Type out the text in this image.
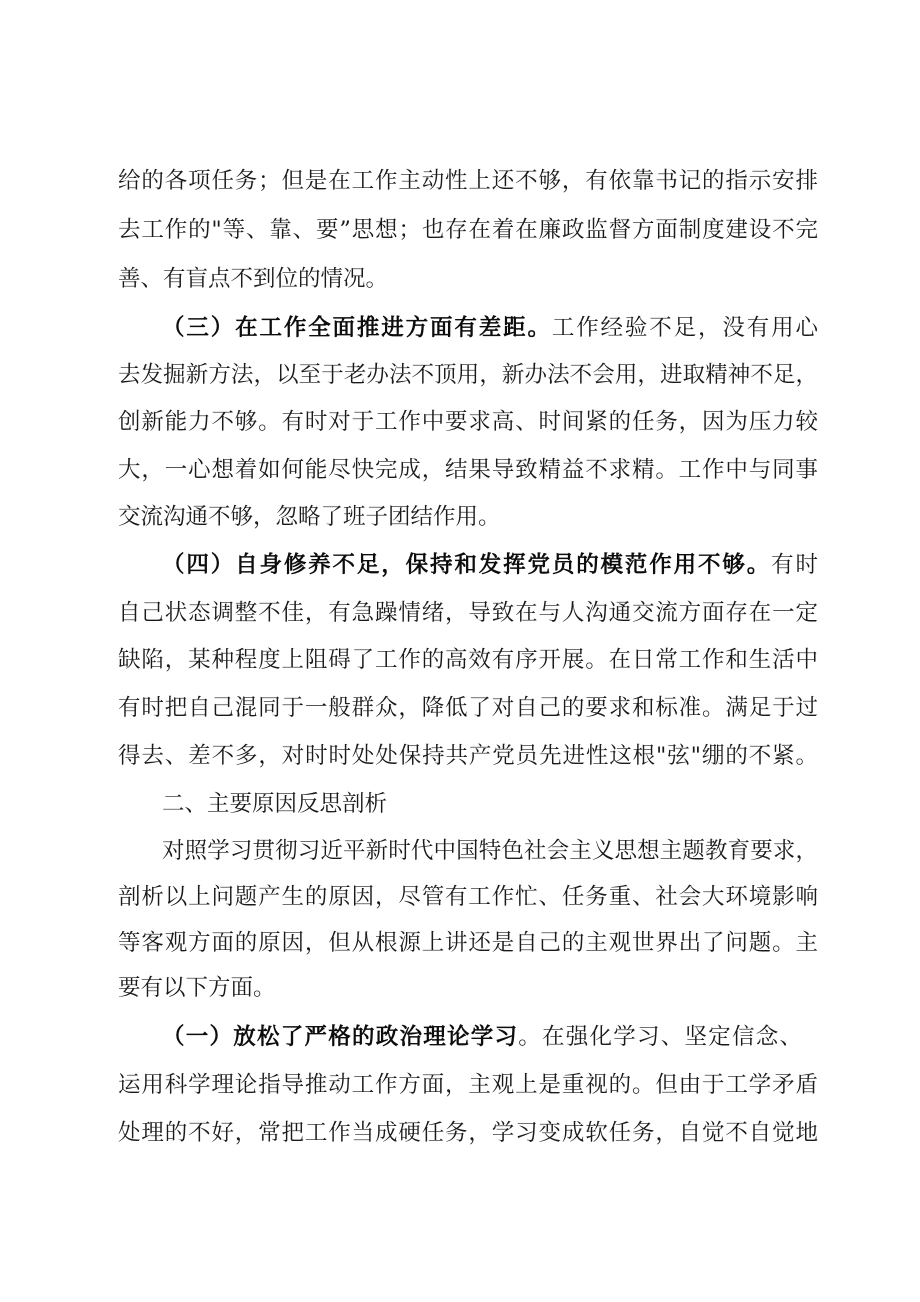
给的各项任务；但是在工作主动性上还不够，有依靠书记的指示安排
去工作的"等、靠、要”思想；也存在着在廉政监督方面制度建设不完
善、有盲点不到位的情况。
（三）在工作全面推进方面有差距。工作经验不足，没有用心
去发掘新方法，以至于老办法不顶用，新办法不会用，进取精神不足，
创新能力不够。有时对于工作中要求高、时间紧的任务，因为压力较
大，一心想着如何能尽快完成，结果导致精益不求精。工作中与同事
交流沟通不够，忽略了班子团结作用。
（四）自身修养不足，保持和发挥党员的模范作用不够。有时
自己状态调整不佳，有急躁情绪，导致在与人沟通交流方面存在一定
缺陷，某种程度上阻碍了工作的高效有序开展。在日常工作和生活中
有时把自己混同于一般群众，降低了对自己的要求和标准。满足于过
得去、差不多，对时时处处保持共产党员先进性这根"弦"绷的不紧。
二、主要原因反思剖析
对照学习贯彻习近平新时代中国特色社会主义思想主题教育要求，
剖析以上问题产生的原因，尽管有工作忙、任务重、社会大环境影响
等客观方面的原因，但从根源上讲还是自己的主观世界出了问题。主
要有以下方面。
（一）放松了严格的政治理论学习。在强化学习、坚定信念、
运用科学理论指导推动工作方面，主观上是重视的。但由于工学矛盾
处理的不好，常把工作当成硬任务，学习变成软任务，自觉不自觉地
